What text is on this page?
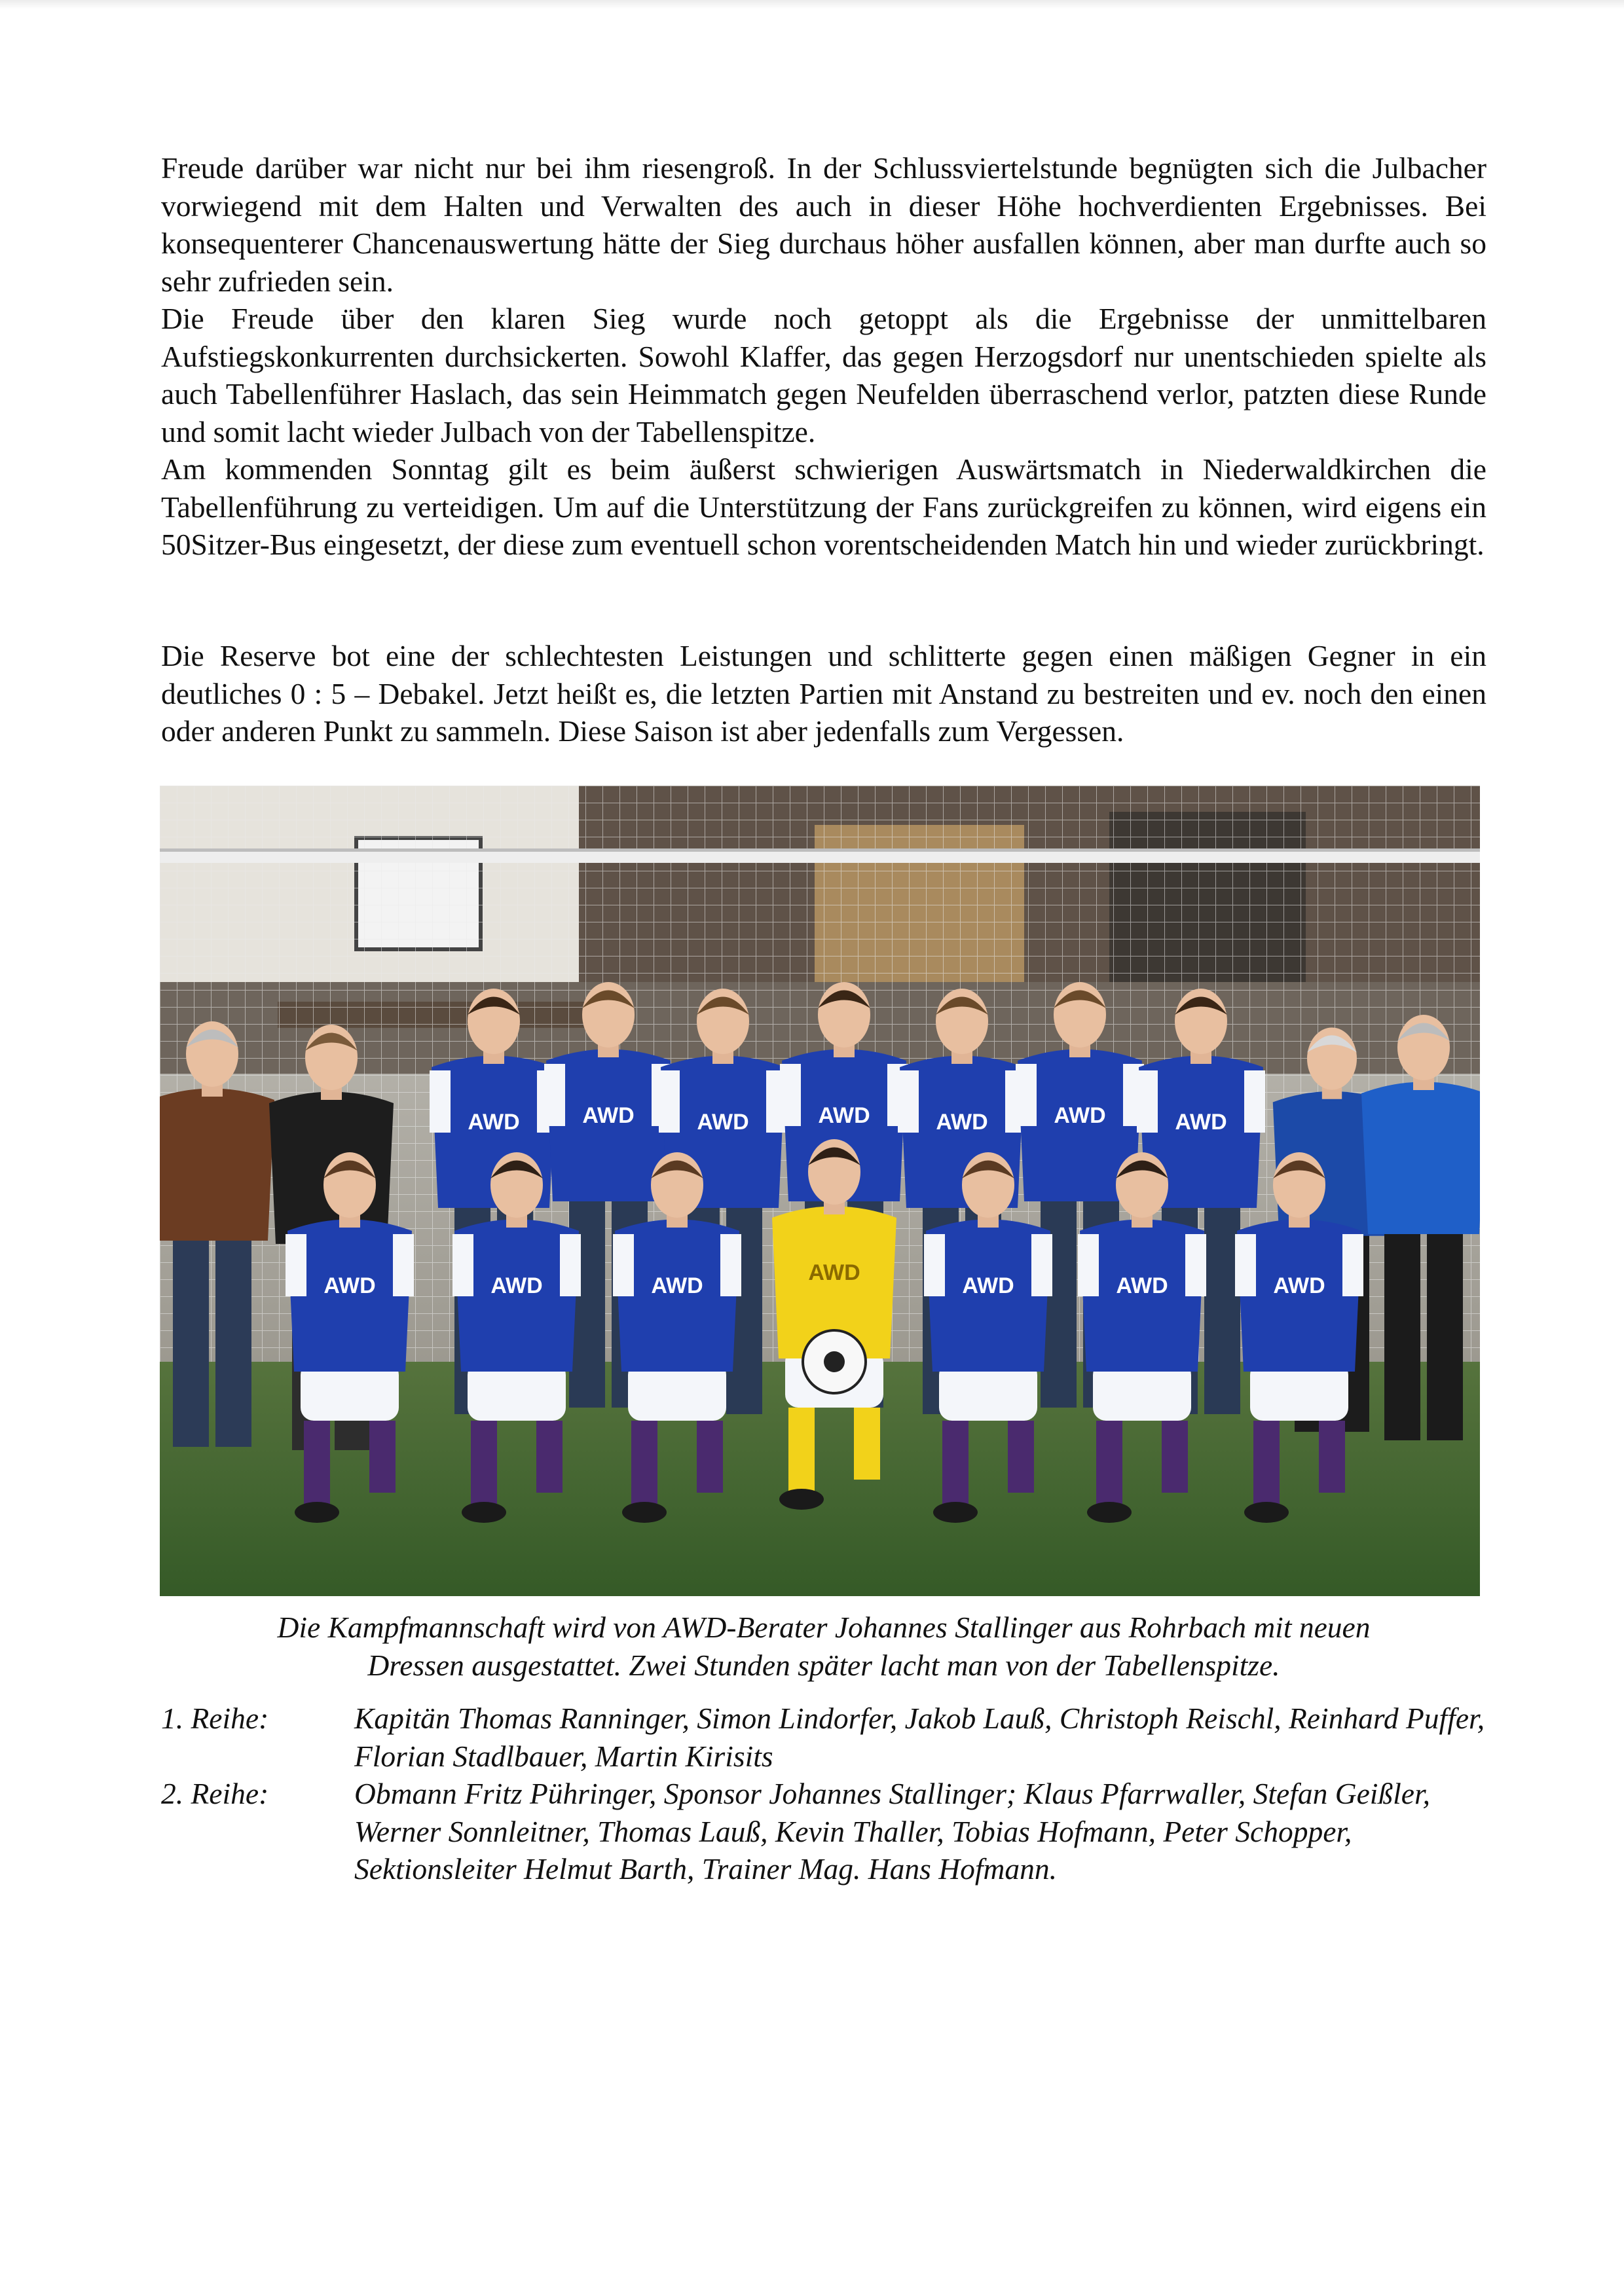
Freude darüber war nicht nur bei ihm riesengroß. In der Schlussviertelstunde begnügten sich die Julbacher vorwiegend mit dem Halten und Verwalten des auch in dieser Höhe hochverdienten Ergebnisses. Bei konsequenterer Chancenauswertung hätte der Sieg durchaus höher ausfallen können, aber man durfte auch so sehr zufrieden sein.

Die Freude über den klaren Sieg wurde noch getoppt als die Ergebnisse der unmittelbaren Aufstiegskonkurrenten durchsickerten. Sowohl Klaffer, das gegen Herzogsdorf nur unentschieden spielte als auch Tabellenführer Haslach, das sein Heimmatch gegen Neufelden überraschend verlor, patzten diese Runde und somit lacht wieder Julbach von der Tabellenspitze.

Am kommenden Sonntag gilt es beim äußerst schwierigen Auswärtsmatch in Niederwaldkirchen die Tabellenführung zu verteidigen. Um auf die Unterstützung der Fans zurückgreifen zu können, wird eigens ein 50Sitzer-Bus eingesetzt, der diese zum eventuell schon vorentscheidenden Match hin und wieder zurückbringt.

Die Reserve bot eine der schlechtesten Leistungen und schlitterte gegen einen mäßigen Gegner in ein deutliches 0 : 5 – Debakel. Jetzt heißt es, die letzten Partien mit Anstand zu bestreiten und ev. noch den einen oder anderen Punkt zu sammeln. Diese Saison ist aber jedenfalls zum Vergessen.

AWD	AWD	AWD	AWD	AWD	AWD	AWD
AWD	AWD	AWD
AWD
AWD	AWD	AWD
Die Kampfmannschaft wird von AWD-Berater Johannes Stallinger aus Rohrbach mit neuen
Dressen ausgestattet. Zwei Stunden später lacht man von der Tabellenspitze.
1. Reihe:	Kapitän Thomas Ranninger, Simon Lindorfer, Jakob Lauß, Christoph Reischl, Reinhard Puffer, Florian Stadlbauer, Martin Kirisits
2. Reihe:	Obmann Fritz Pühringer, Sponsor Johannes Stallinger; Klaus Pfarrwaller, Stefan Geißler, Werner Sonnleitner, Thomas Lauß, Kevin Thaller, Tobias Hofmann, Peter Schopper, Sektionsleiter Helmut Barth, Trainer Mag. Hans Hofmann.
